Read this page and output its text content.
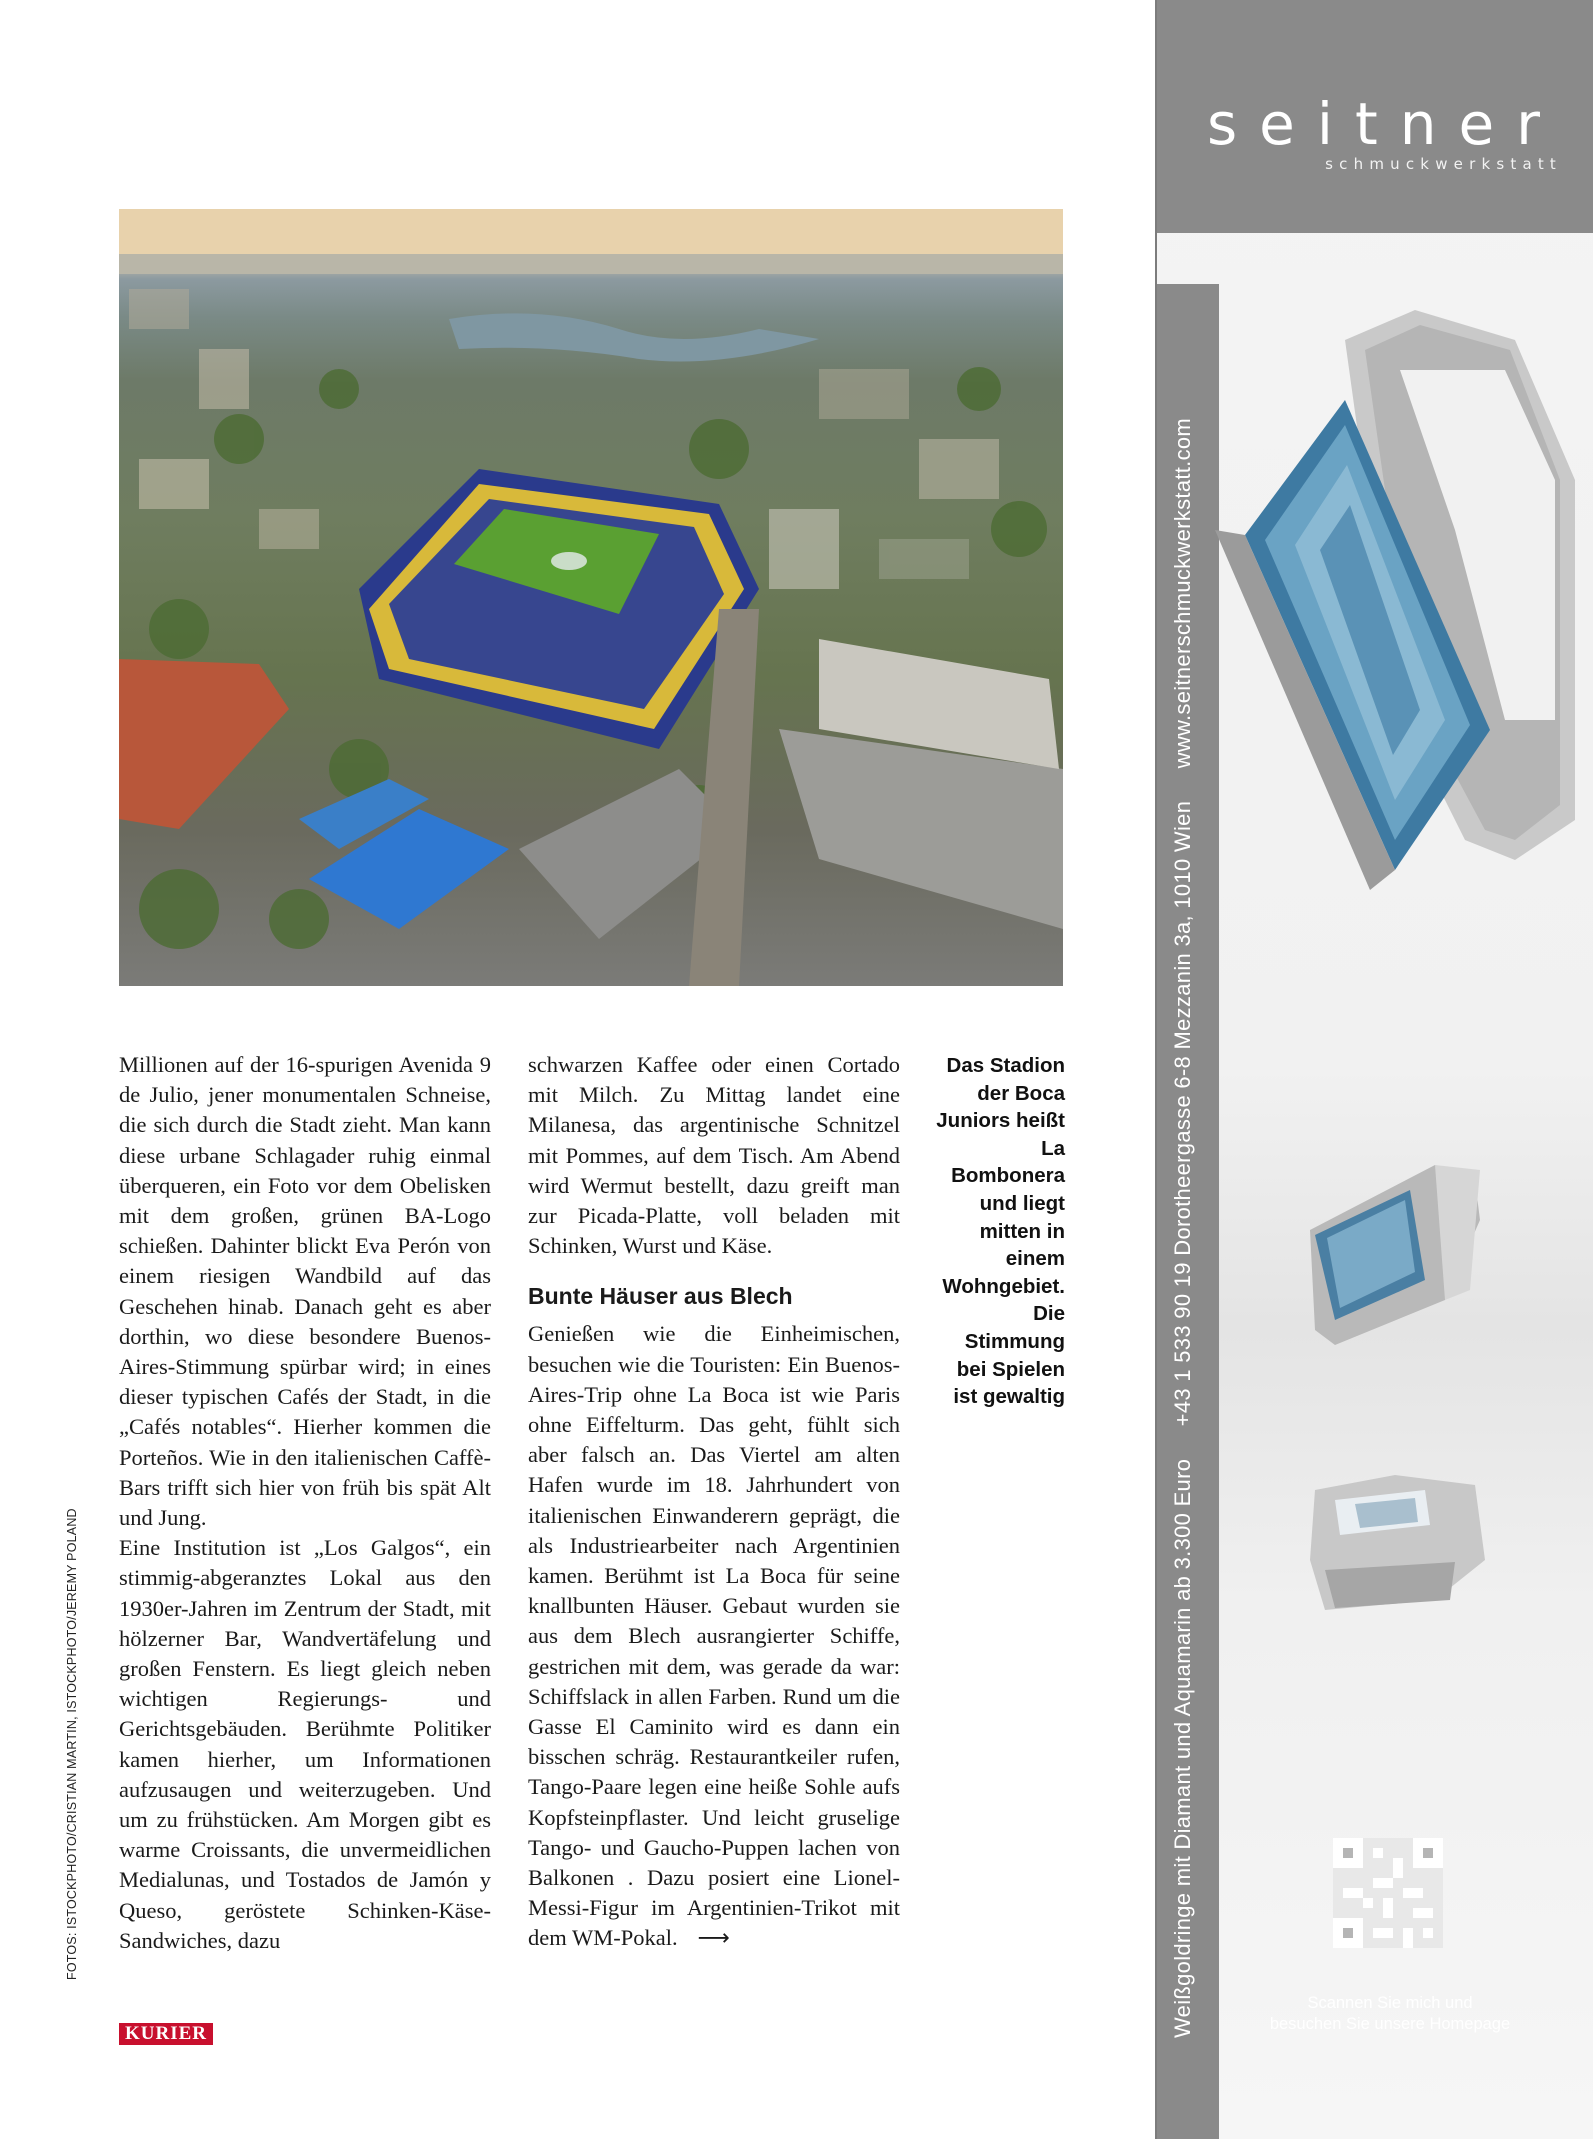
Millionen auf der 16-spurigen Avenida 9 de Julio, jener monumentalen Schneise, die sich durch die Stadt zieht. Man kann diese urbane Schlagader ruhig einmal überqueren, ein Foto vor dem Obelisken mit dem großen, grünen BA-Logo schießen. Dahinter blickt Eva Perón von einem riesigen Wandbild auf das Geschehen hinab. Danach geht es aber dorthin, wo diese besondere Buenos-Aires-Stimmung spürbar wird; in eines dieser typischen Cafés der Stadt, in die „Cafés notables“. Hierher kommen die Porteños. Wie in den italienischen Caffè-Bars trifft sich hier von früh bis spät Alt und Jung.

Eine Institution ist „Los Galgos“, ein stimmig-abgeranztes Lokal aus den 1930er-Jahren im Zentrum der Stadt, mit hölzerner Bar, Wandvertäfelung und großen Fenstern. Es liegt gleich neben wichtigen Regierungs- und Gerichtsgebäuden. Berühmte Politiker kamen hierher, um Informationen aufzusaugen und weiterzugeben. Und um zu frühstücken. Am Morgen gibt es warme Croissants, die unvermeidlichen Medialunas, und Tostados de Jamón y Queso, geröstete Schinken-Käse-Sandwiches, dazu

schwarzen Kaffee oder einen Cortado mit Milch. Zu Mittag landet eine Milanesa, das argentinische Schnitzel mit Pommes, auf dem Tisch. Am Abend wird Wermut bestellt, dazu greift man zur Picada-Platte, voll beladen mit Schinken, Wurst und Käse.

Bunte Häuser aus Blech

Genießen wie die Einheimischen, besuchen wie die Touristen: Ein Buenos-Aires-Trip ohne La Boca ist wie Paris ohne Eiffelturm. Das geht, fühlt sich aber falsch an. Das Viertel am alten Hafen wurde im 18. Jahrhundert von italienischen Einwanderern geprägt, die als Industriearbeiter nach Argentinien kamen. Berühmt ist La Boca für seine knallbunten Häuser. Gebaut wurden sie aus dem Blech ausrangierter Schiffe, gestrichen mit dem, was gerade da war: Schiffslack in allen Farben. Rund um die Gasse El Caminito wird es dann ein bisschen schräg. Restaurantkeiler rufen, Tango-Paare legen eine heiße Sohle aufs Kopfsteinpflaster. Und leicht gruselige Tango- und Gaucho-Puppen lachen von Balkonen . Dazu posiert eine Lionel-Messi-Figur im Argentinien-Trikot mit dem WM-Pokal. ⟶

Das Stadion der Boca Juniors heißt La Bombonera und liegt mitten in einem Wohngebiet. Die Stimmung bei Spielen ist gewaltig
FOTOS: ISTOCKPHOTO/CRISTIAN MARTIN, ISTOCKPHOTO/JEREMY POLAND
KURIER
seitner
schmuckwerkstatt
Weißgoldringe mit Diamant und Aquamarin ab 3.300 Euro +43 1 533 90 19 Dorotheergasse 6-8 Mezzanin 3a, 1010 Wien www.seitnerschmuckwerkstatt.com
Scannen Sie mich und
besuchen Sie unsere Homepage
